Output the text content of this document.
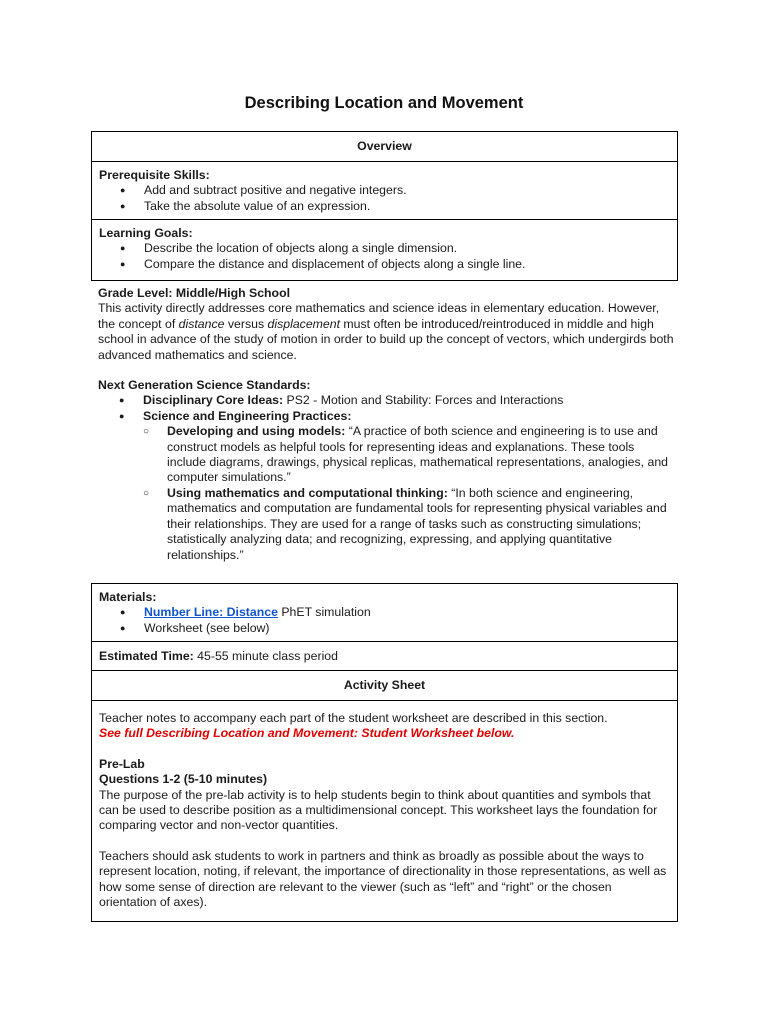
Describing Location and Movement
Overview
Prerequisite Skills:
● Add and subtract positive and negative integers.
● Take the absolute value of an expression.
Learning Goals:
● Describe the location of objects along a single dimension.
● Compare the distance and displacement of objects along a single line.
Grade Level: Middle/High School

This activity directly addresses core mathematics and science ideas in elementary education. However, the concept of distance versus displacement must often be introduced/reintroduced in middle and high school in advance of the study of motion in order to build up the concept of vectors, which undergirds both advanced mathematics and science.

Next Generation Science Standards:
● Disciplinary Core Ideas: PS2 - Motion and Stability: Forces and Interactions
● Science and Engineering Practices:
○ Developing and using models: “A practice of both science and engineering is to use and construct models as helpful tools for representing ideas and explanations. These tools include diagrams, drawings, physical replicas, mathematical representations, analogies, and computer simulations.”
○ Using mathematics and computational thinking: “In both science and engineering, mathematics and computation are fundamental tools for representing physical variables and their relationships. They are used for a range of tasks such as constructing simulations; statistically analyzing data; and recognizing, expressing, and applying quantitative relationships.”
Materials:
● Number Line: Distance PhET simulation
● Worksheet (see below)
Estimated Time: 45-55 minute class period
Activity Sheet

Teacher notes to accompany each part of the student worksheet are described in this section.

See full Describing Location and Movement: Student Worksheet below.

Pre-Lab
Questions 1-2 (5-10 minutes)

The purpose of the pre-lab activity is to help students begin to think about quantities and symbols that can be used to describe position as a multidimensional concept. This worksheet lays the foundation for comparing vector and non-vector quantities.

Teachers should ask students to work in partners and think as broadly as possible about the ways to represent location, noting, if relevant, the importance of directionality in those representations, as well as how some sense of direction are relevant to the viewer (such as “left” and “right” or the chosen orientation of axes).
